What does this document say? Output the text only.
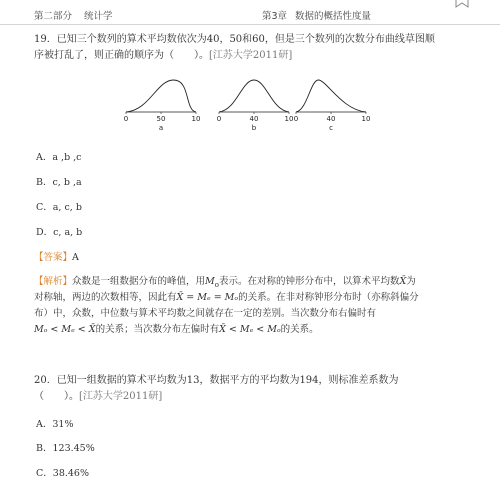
第二部分 统计学	第3章 数据的概括性度量
19．已知三个数列的算术平均数依次为40，50和60，但是三个数列的次数分布曲线草图顺
序被打乱了，则正确的顺序为（　　）。[江苏大学2011研]
0	50	10
a
0	40	10
b
0	40	10
c
A．a ,b ,c
B．c, b ,a
C．a, c, b
D．c, a, b
【答案】A
【解析】众数是一组数据分布的峰值，用$M_o$表示。在对称的钟形分布中，以算术平均数X̄为
对称轴，两边的次数相等，因此有X̄ = Mₑ = Mₒ的关系。在非对称钟形分布时（亦称斜偏分
布）中，众数，中位数与算术平均数之间就存在一定的差别。当次数分布右偏时有
Mₒ < Mₑ < X̄的关系；当次数分布左偏时有X̄ < Mₑ < Mₒ的关系。
20．已知一组数据的算术平均数为13，数据平方的平均数为194，则标准差系数为
（　　）。[江苏大学2011研]
A．31%
B．123.45%
C．38.46%
